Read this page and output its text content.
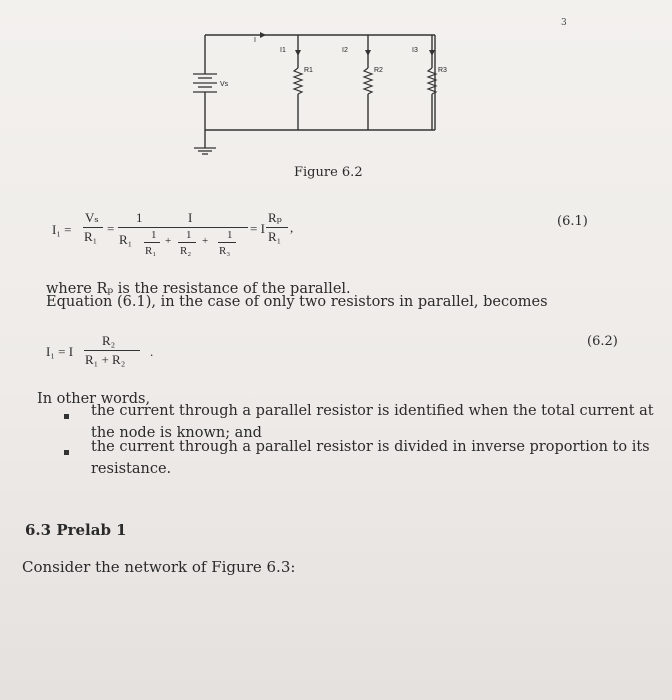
3
Vs
I
I1	I2	I3
R1	R2	R3
Figure 6.2
I₁ =
Vₛ
R₁
=
1	I
R₁ 1
R₁
+ 1
R₂
+ 1
R₃
= I
Rₚ
R₁
,	(6.1)
where Rₚ is the resistance of the parallel.
Equation (6.1), in the case of only two resistors in parallel, becomes
I₁ = I
R₂
R₁ + R₂
.
(6.2)
In other words,
the current through a parallel resistor is identified when the total current at
the node is known; and
the current through a parallel resistor is divided in inverse proportion to its
resistance.
6.3 Prelab 1
Consider the network of Figure 6.3:
